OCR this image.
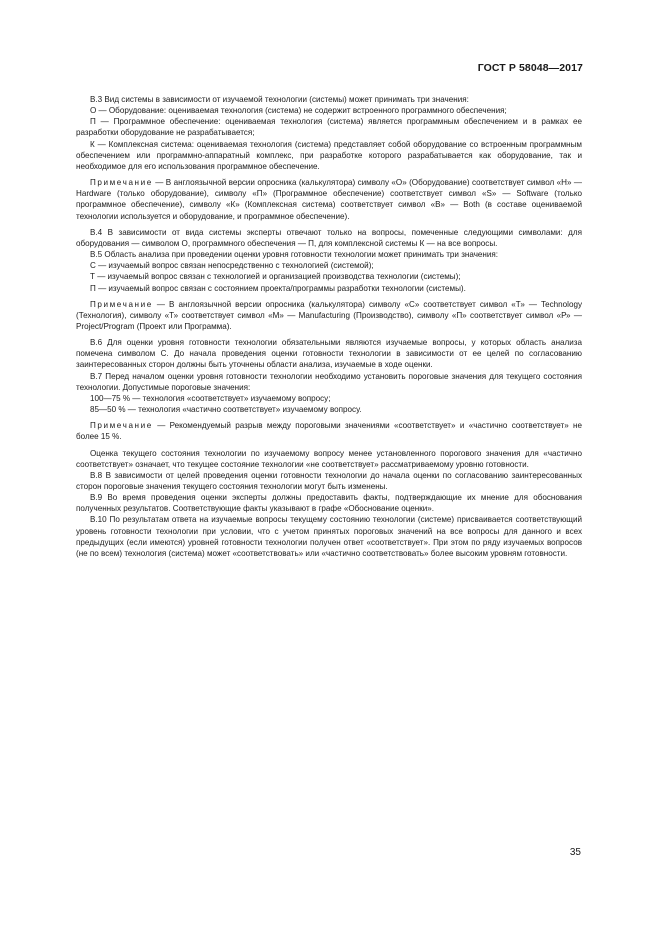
ГОСТ Р 58048—2017

В.3 Вид системы в зависимости от изучаемой технологии (системы) может принимать три значения:

О — Оборудование: оцениваемая технология (система) не содержит встроенного программного обеспечения;

П — Программное обеспечение: оцениваемая технология (система) является программным обеспечением и в рамках ее разработки оборудование не разрабатывается;

К — Комплексная система: оцениваемая технология (система) представляет собой оборудование со встроенным программным обеспечением или программно-аппаратный комплекс, при разработке которого разрабатывается как оборудование, так и необходимое для его использования программное обеспечение.

Примечание — В англоязычной версии опросника (калькулятора) символу «О» (Оборудование) соответствует символ «Н» — Hardware (только оборудование), символу «П» (Программное обеспечение) соответствует символ «S» — Software (только программное обеспечение), символу «К» (Комплексная система) соответствует символ «В» — Both (в составе оцениваемой технологии используется и оборудование, и программное обеспечение).

В.4 В зависимости от вида системы эксперты отвечают только на вопросы, помеченные следующими символами: для оборудования — символом О, программного обеспечения — П, для комплексной системы К — на все вопросы.

В.5 Область анализа при проведении оценки уровня готовности технологии может принимать три значения:

С — изучаемый вопрос связан непосредственно с технологией (системой);

Т — изучаемый вопрос связан с технологией и организацией производства технологии (системы);

П — изучаемый вопрос связан с состоянием проекта/программы разработки технологии (системы).

Примечание — В англоязычной версии опросника (калькулятора) символу «С» соответствует символ «Т» — Technology (Технология), символу «Т» соответствует символ «М» — Manufacturing (Производство), символу «П» соответствует символ «Р» — Project/Program (Проект или Программа).

В.6 Для оценки уровня готовности технологии обязательными являются изучаемые вопросы, у которых область анализа помечена символом С. До начала проведения оценки готовности технологии в зависимости от ее целей по согласованию заинтересованных сторон должны быть уточнены области анализа, изучаемые в ходе оценки.

В.7 Перед началом оценки уровня готовности технологии необходимо установить пороговые значения для текущего состояния технологии. Допустимые пороговые значения:

100—75 % — технология «соответствует» изучаемому вопросу;

85—50 % — технология «частично соответствует» изучаемому вопросу.

Примечание — Рекомендуемый разрыв между пороговыми значениями «соответствует» и «частично соответствует» не более 15 %.

Оценка текущего состояния технологии по изучаемому вопросу менее установленного порогового значения для «частично соответствует» означает, что текущее состояние технологии «не соответствует» рассматриваемому уровню готовности.

В.8 В зависимости от целей проведения оценки готовности технологии до начала оценки по согласованию заинтересованных сторон пороговые значения текущего состояния технологии могут быть изменены.

В.9 Во время проведения оценки эксперты должны предоставить факты, подтверждающие их мнение для обоснования полученных результатов. Соответствующие факты указывают в графе «Обоснование оценки».

В.10 По результатам ответа на изучаемые вопросы текущему состоянию технологии (системе) присваивается соответствующий уровень готовности технологии при условии, что с учетом принятых пороговых значений на все вопросы для данного и всех предыдущих (если имеются) уровней готовности технологии получен ответ «соответствует». При этом по ряду изучаемых вопросов (не по всем) технология (система) может «соответствовать» или «частично соответствовать» более высоким уровням готовности.

35
